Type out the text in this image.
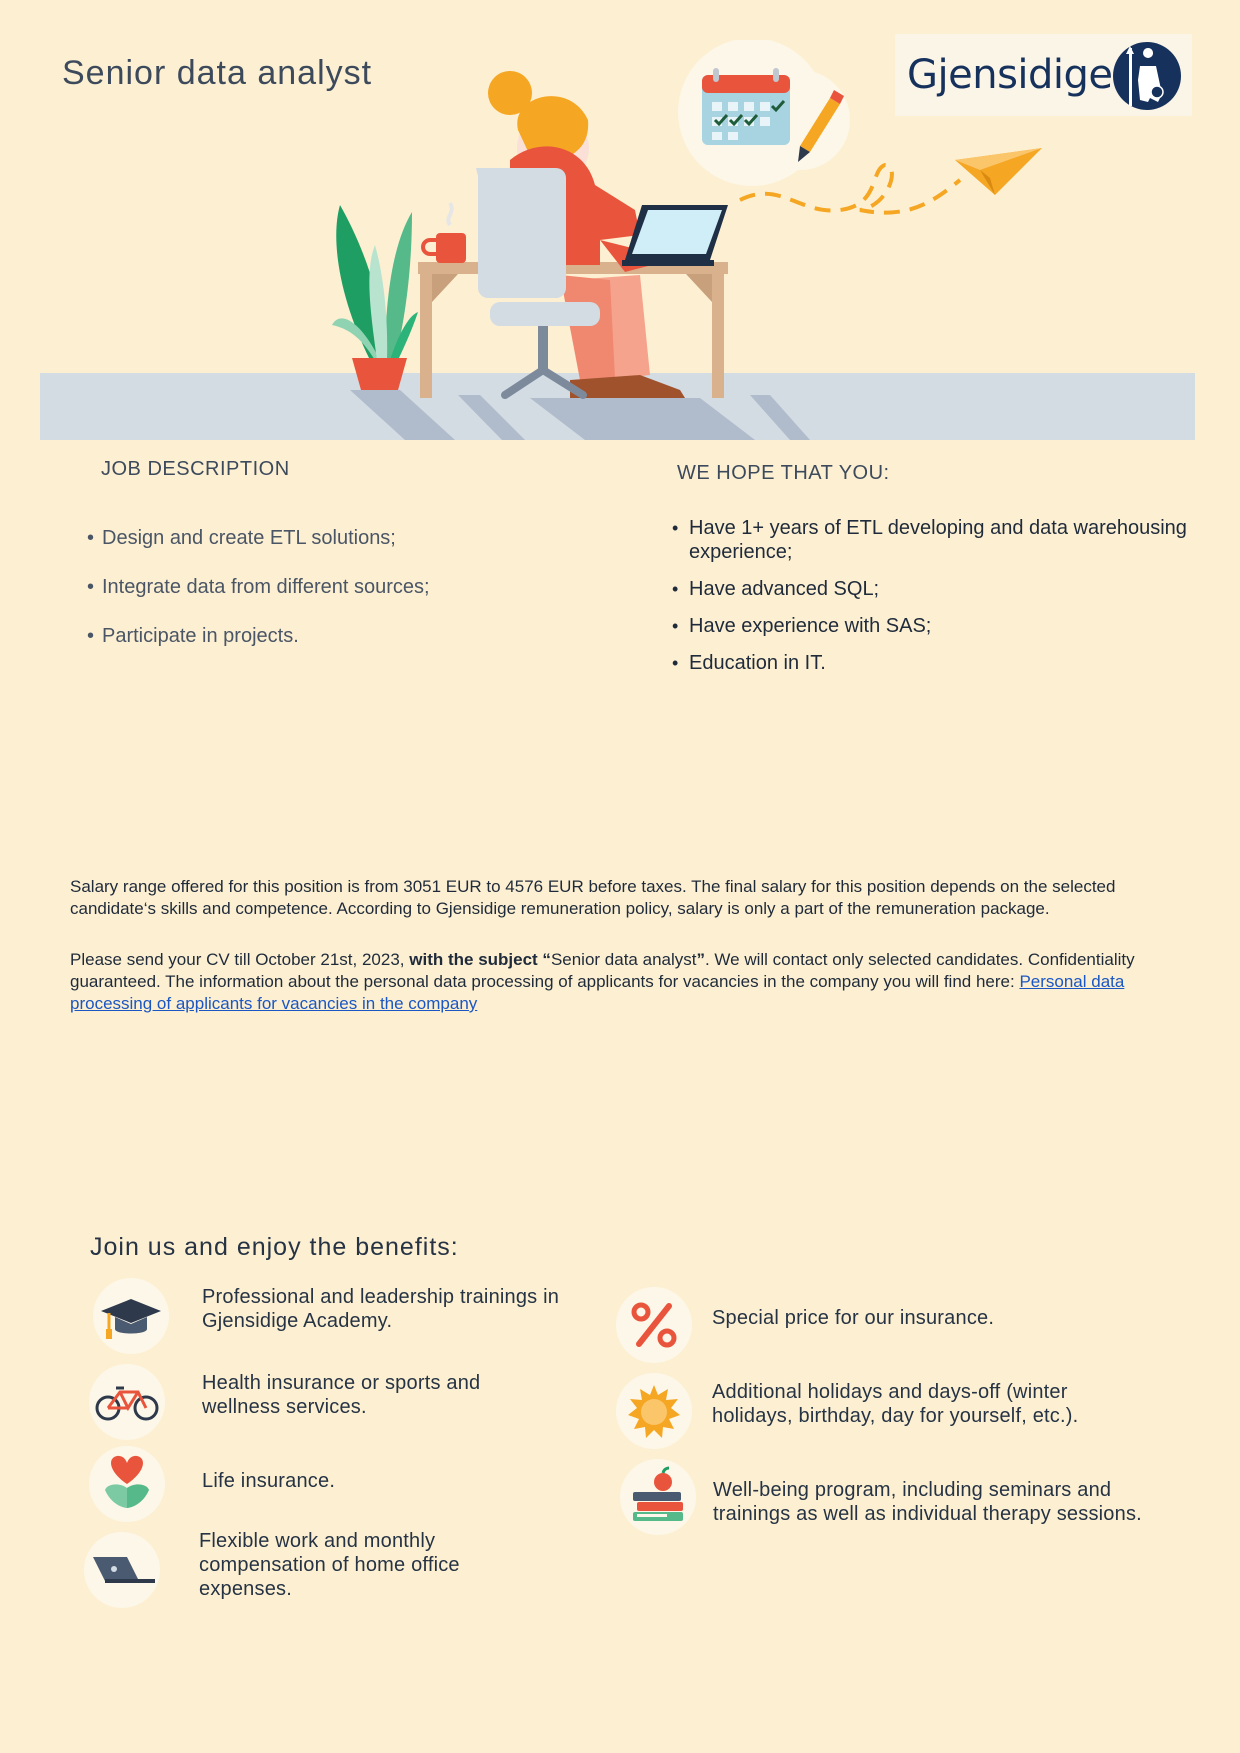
Senior data analyst	Gjensidige
JOB DESCRIPTION
• Design and create ETL solutions;
• Integrate data from different sources;
• Participate in projects.
WE HOPE THAT YOU:
• Have 1+ years of ETL developing and data warehousing experience;
• Have advanced SQL;
• Have experience with SAS;
• Education in IT.
Salary range offered for this position is from 3051 EUR to 4576 EUR before taxes. The final salary for this position depends on the selected candidate‘s skills and competence. According to Gjensidige remuneration policy, salary is only a part of the remuneration package.
Please send your CV till October 21st, 2023, with the subject “Senior data analyst”. We will contact only selected candidates. Confidentiality guaranteed. The information about the personal data processing of applicants for vacancies in the company you will find here: Personal data processing of applicants for vacancies in the company
Join us and enjoy the benefits:
Professional and leadership trainings in Gjensidige Academy.
Health insurance or sports and wellness services.
Life insurance.
Flexible work and monthly compensation of home office expenses.
Special price for our insurance.
Additional holidays and days-off (winter holidays, birthday, day for yourself, etc.).
Well-being program, including seminars and trainings as well as individual therapy sessions.
